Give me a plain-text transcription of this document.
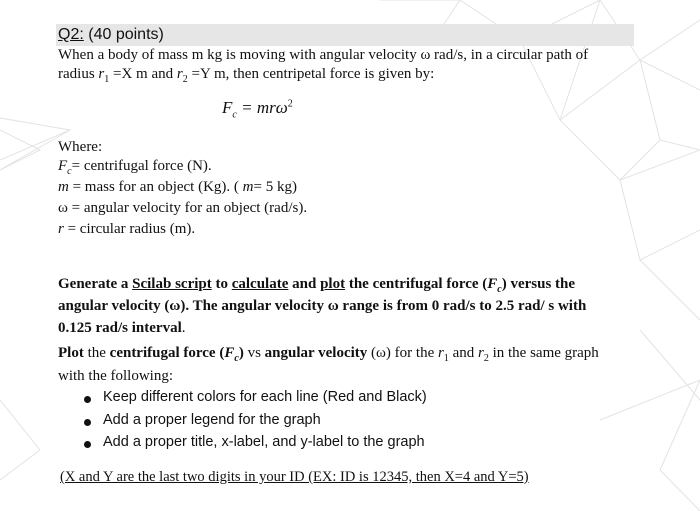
Q2: (40 points)
When a body of mass m kg is moving with angular velocity ω rad/s, in a circular path of
radius $r_1 =X$ m and $r_2 =Y$ m, then centripetal force is given by:
$F_c = mr\omega^2$
Where:
$F_c=$ centrifugal force (N).
m = mass for an object (Kg). ( m= 5 kg)
ω = angular velocity for an object (rad/s).
r = circular radius (m).
Generate a Scilab script to calculate and plot the centrifugal force $(F_c)$ versus the
angular velocity (ω). The angular velocity ω range is from 0 rad/s to 2.5 rad/ s with
0.125 rad/s interval.
Plot the centrifugal force $(F_c)$ vs angular velocity (ω) for the $r_1$ and $r_2$ in the same graph
with the following:
Keep different colors for each line (Red and Black)
Add a proper legend for the graph
Add a proper title, x-label, and y-label to the graph
(X and Y are the last two digits in your ID (EX: ID is 12345, then X=4 and Y=5)
